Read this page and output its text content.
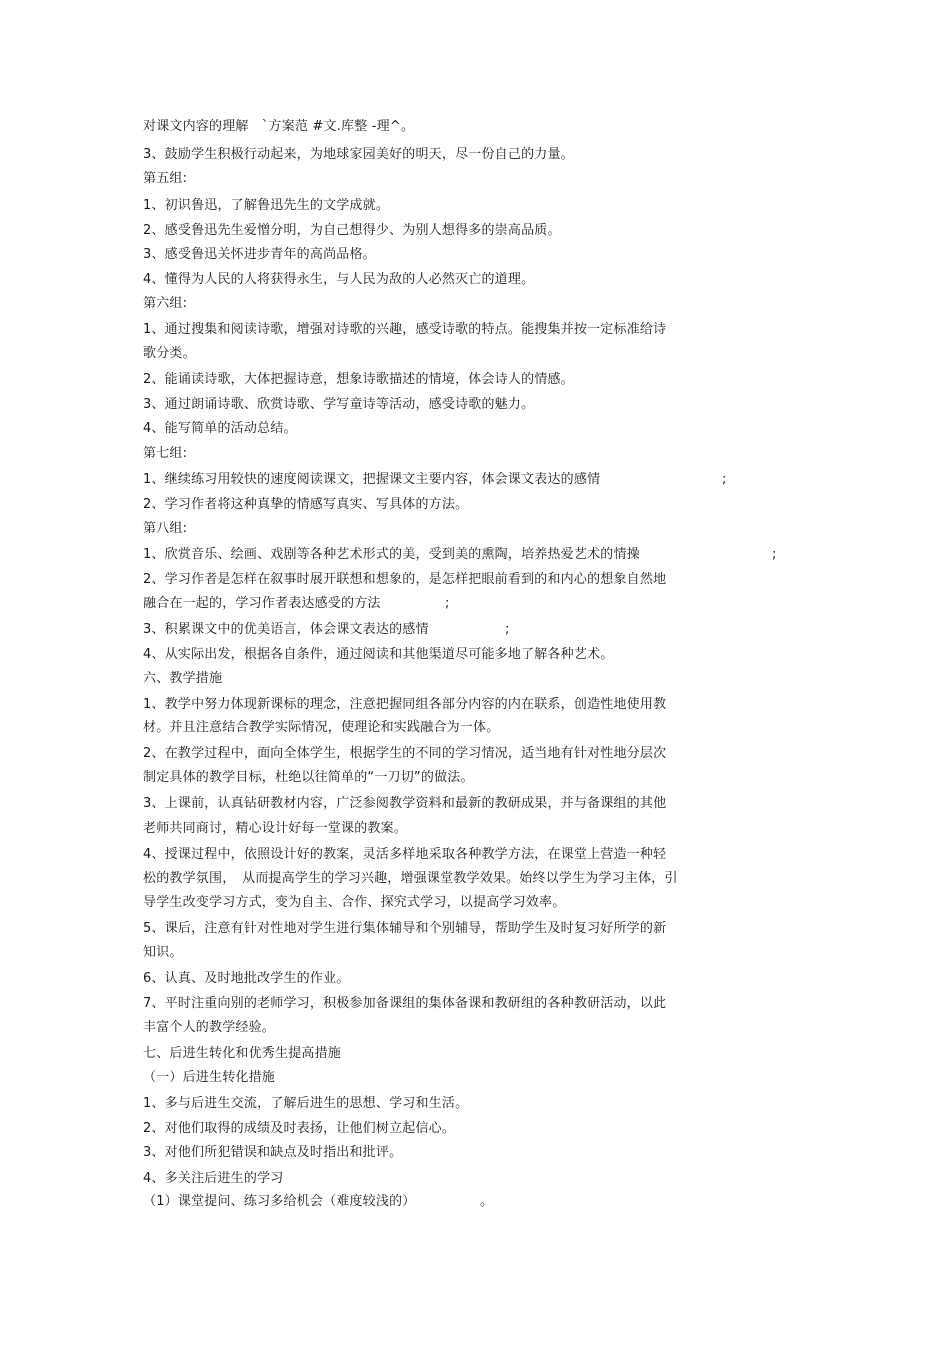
对课文内容的理解　`方案范 #文.库整 -理^。

3、鼓励学生积极行动起来，为地球家园美好的明天，尽一份自己的力量。

第五组:

1、初识鲁迅，了解鲁迅先生的文学成就。

2、感受鲁迅先生爱憎分明，为自己想得少、为别人想得多的崇高品质。

3、感受鲁迅关怀进步青年的高尚品格。

4、懂得为人民的人将获得永生，与人民为敌的人必然灭亡的道理。

第六组:

1、通过搜集和阅读诗歌，增强对诗歌的兴趣，感受诗歌的特点。能搜集并按一定标准给诗

歌分类。

2、能诵读诗歌，大体把握诗意，想象诗歌描述的情境，体会诗人的情感。

3、通过朗诵诗歌、欣赏诗歌、学写童诗等活动，感受诗歌的魅力。

4、能写简单的活动总结。

第七组:

1、继续练习用较快的速度阅读课文，把握课文主要内容，体会课文表达的感情	;

2、学习作者将这种真挚的情感写真实、写具体的方法。

第八组:

1、欣赏音乐、绘画、戏剧等各种艺术形式的美，受到美的熏陶，培养热爱艺术的情操	;

2、学习作者是怎样在叙事时展开联想和想象的，是怎样把眼前看到的和内心的想象自然地

融合在一起的，学习作者表达感受的方法	;

3、积累课文中的优美语言，体会课文表达的感情	;

4、从实际出发，根据各自条件，通过阅读和其他渠道尽可能多地了解各种艺术。

六、教学措施

1、教学中努力体现新课标的理念，注意把握同组各部分内容的内在联系，创造性地使用教

材。并且注意结合教学实际情况，使理论和实践融合为一体。

2、在教学过程中，面向全体学生，根据学生的不同的学习情况，适当地有针对性地分层次

制定具体的教学目标，杜绝以往简单的“一刀切”的做法。

3、上课前，认真钻研教材内容，广泛参阅教学资料和最新的教研成果，并与备课组的其他

老师共同商讨，精心设计好每一堂课的教案。

4、授课过程中，依照设计好的教案，灵活多样地采取各种教学方法，在课堂上营造一种轻

松的教学氛围，　从而提高学生的学习兴趣，增强课堂教学效果。始终以学生为学习主体，引

导学生改变学习方式，变为自主、合作、探究式学习，以提高学习效率。

5、课后，注意有针对性地对学生进行集体辅导和个别辅导，帮助学生及时复习好所学的新

知识。

6、认真、及时地批改学生的作业。

7、平时注重向别的老师学习，积极参加备课组的集体备课和教研组的各种教研活动，以此

丰富个人的教学经验。

七、后进生转化和优秀生提高措施

（一）后进生转化措施

1、多与后进生交流，了解后进生的思想、学习和生活。

2、对他们取得的成绩及时表扬，让他们树立起信心。

3、对他们所犯错误和缺点及时指出和批评。

4、多关注后进生的学习

（1）课堂提问、练习多给机会（难度较浅的）	。
